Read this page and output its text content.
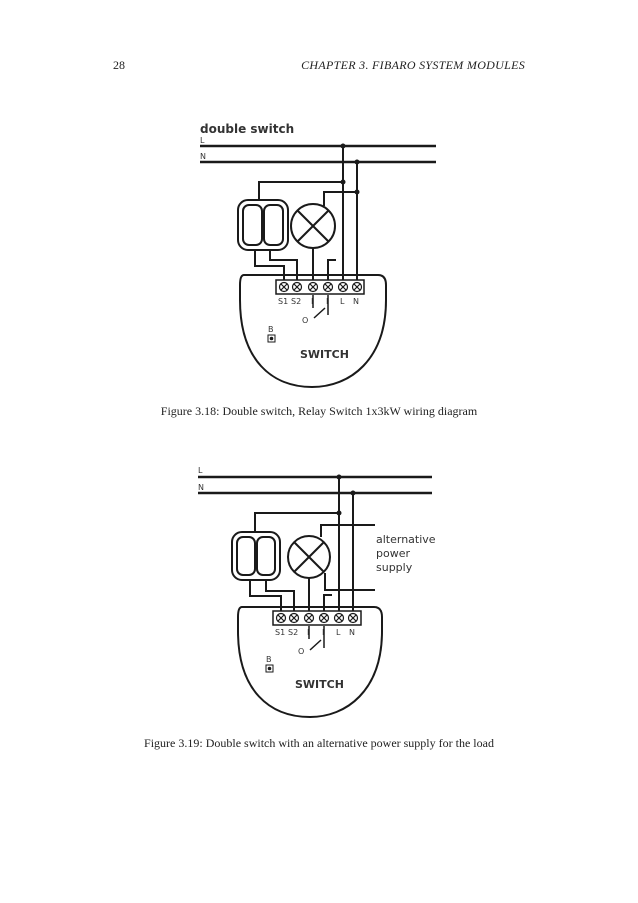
28	CHAPTER 3. FIBARO SYSTEM MODULES
double switch
L
N
S1 S2 I I L N
O
B
SWITCH
Figure 3.18: Double switch, Relay Switch 1x3kW wiring diagram
L
N
alternative
power
supply
S1 S2 I I L N
O
B
SWITCH
Figure 3.19: Double switch with an alternative power supply for the load
